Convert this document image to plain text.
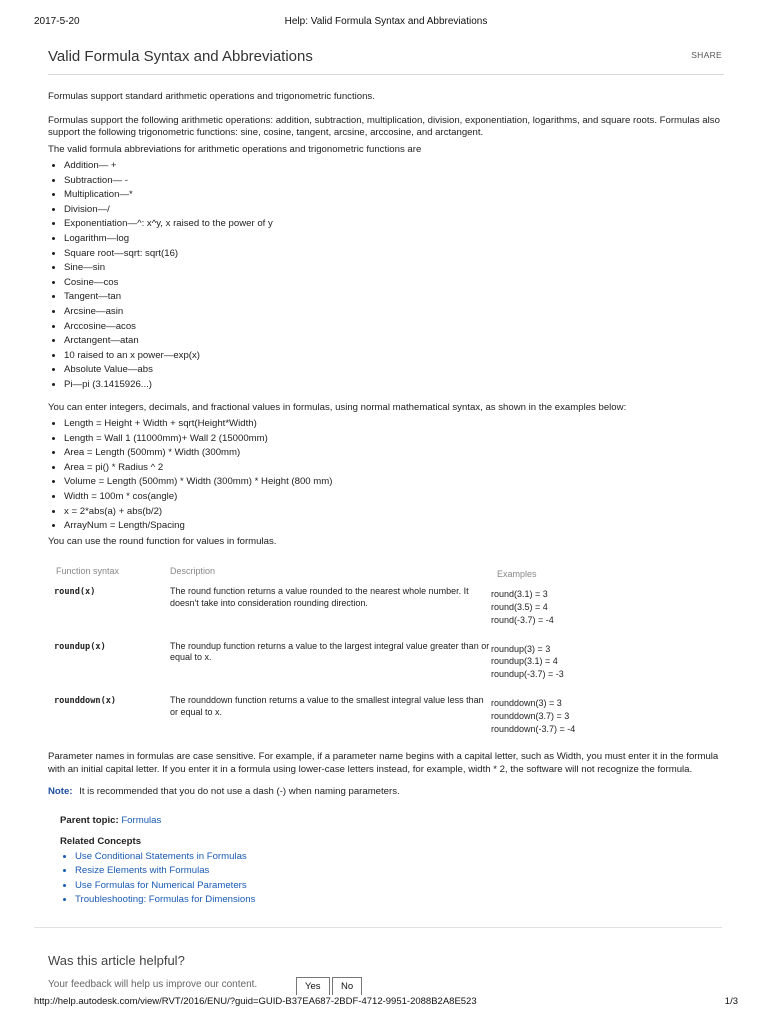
2017-5-20	Help: Valid Formula Syntax and Abbreviations
Valid Formula Syntax and Abbreviations	SHARE

Formulas support standard arithmetic operations and trigonometric functions.

Formulas support the following arithmetic operations: addition, subtraction, multiplication, division, exponentiation, logarithms, and square roots. Formulas also support the following trigonometric functions: sine, cosine, tangent, arcsine, arccosine, and arctangent.

The valid formula abbreviations for arithmetic operations and trigonometric functions are

• Addition— +
• Subtraction— -
• Multiplication—*
• Division—/
• Exponentiation—^: x^y, x raised to the power of y
• Logarithm—log
• Square root—sqrt: sqrt(16)
• Sine—sin
• Cosine—cos
• Tangent—tan
• Arcsine—asin
• Arccosine—acos
• Arctangent—atan
• 10 raised to an x power—exp(x)
• Absolute Value—abs
• Pi—pi (3.1415926...)

You can enter integers, decimals, and fractional values in formulas, using normal mathematical syntax, as shown in the examples below:

• Length = Height + Width + sqrt(Height*Width)
• Length = Wall 1 (11000mm)+ Wall 2 (15000mm)
• Area = Length (500mm) * Width (300mm)
• Area = pi() * Radius ^ 2
• Volume = Length (500mm) * Width (300mm) * Height (800 mm)
• Width = 100m * cos(angle)
• x = 2*abs(a) + abs(b/2)
• ArrayNum = Length/Spacing

You can use the round function for values in formulas.

Function syntax	Description	Examples
round(x)	The round function returns a value rounded to the nearest whole number. It doesn't take into consideration rounding direction.	round(3.1) = 3
round(3.5) = 4
round(-3.7) = -4

roundup(x)	The roundup function returns a value to the largest integral value greater than or equal to x.	roundup(3) = 3
roundup(3.1) = 4
roundup(-3.7) = -3

rounddown(x)	The rounddown function returns a value to the smallest integral value less than or equal to x.	rounddown(3) = 3
rounddown(3.7) = 3
rounddown(-3.7) = -4

Parameter names in formulas are case sensitive. For example, if a parameter name begins with a capital letter, such as Width, you must enter it in the formula with an initial capital letter. If you enter it in a formula using lower-case letters instead, for example, width * 2, the software will not recognize the formula.

Note: It is recommended that you do not use a dash (-) when naming parameters.

Parent topic: Formulas
Related Concepts
• Use Conditional Statements in Formulas
• Resize Elements with Formulas
• Use Formulas for Numerical Parameters
• Troubleshooting: Formulas for Dimensions
Was this article helpful?
Your feedback will help us improve our content.	Yes	No
http://help.autodesk.com/view/RVT/2016/ENU/?guid=GUID-B37EA687-2BDF-4712-9951-2088B2A8E523	1/3
